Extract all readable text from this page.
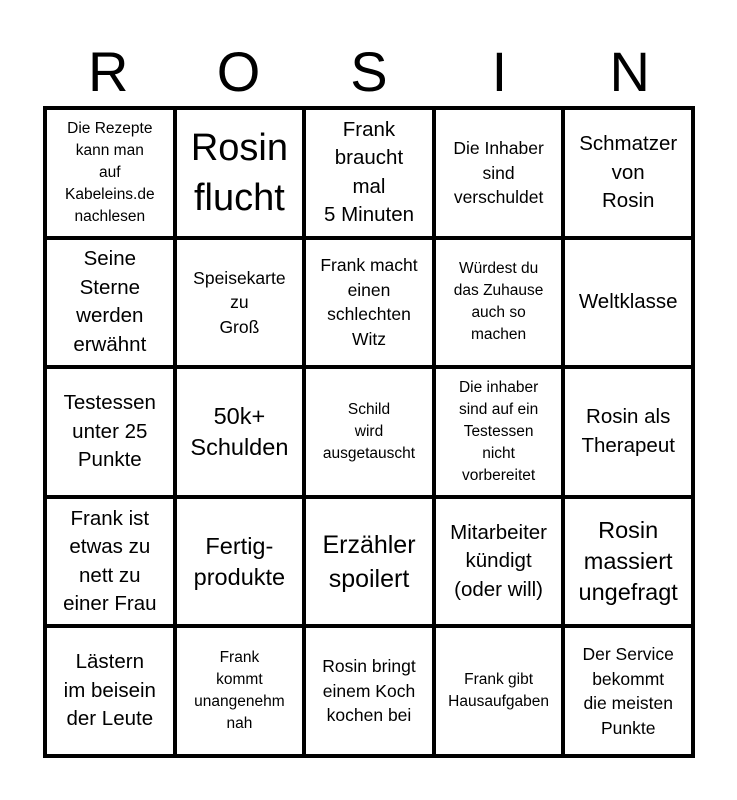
R	O	S	I	N
Die Rezepte
kann man
auf
Kabeleins.de
nachlesen
Rosin
flucht
Frank
braucht
mal
5 Minuten
Die Inhaber
sind
verschuldet
Schmatzer
von
Rosin
Seine
Sterne
werden
erwähnt
Speisekarte
zu
Groß
Frank macht
einen
schlechten
Witz
Würdest du
das Zuhause
auch so
machen
Weltklasse
Testessen
unter 25
Punkte
50k+
Schulden
Schild
wird
ausgetauscht
Die inhaber
sind auf ein
Testessen
nicht
vorbereitet
Rosin als
Therapeut
Frank ist
etwas zu
nett zu
einer Frau
Fertig-
produkte
Erzähler
spoilert
Mitarbeiter
kündigt
(oder will)
Rosin
massiert
ungefragt
Lästern
im beisein
der Leute
Frank
kommt
unangenehm
nah
Rosin bringt
einem Koch
kochen bei
Frank gibt
Hausaufgaben
Der Service
bekommt
die meisten
Punkte
